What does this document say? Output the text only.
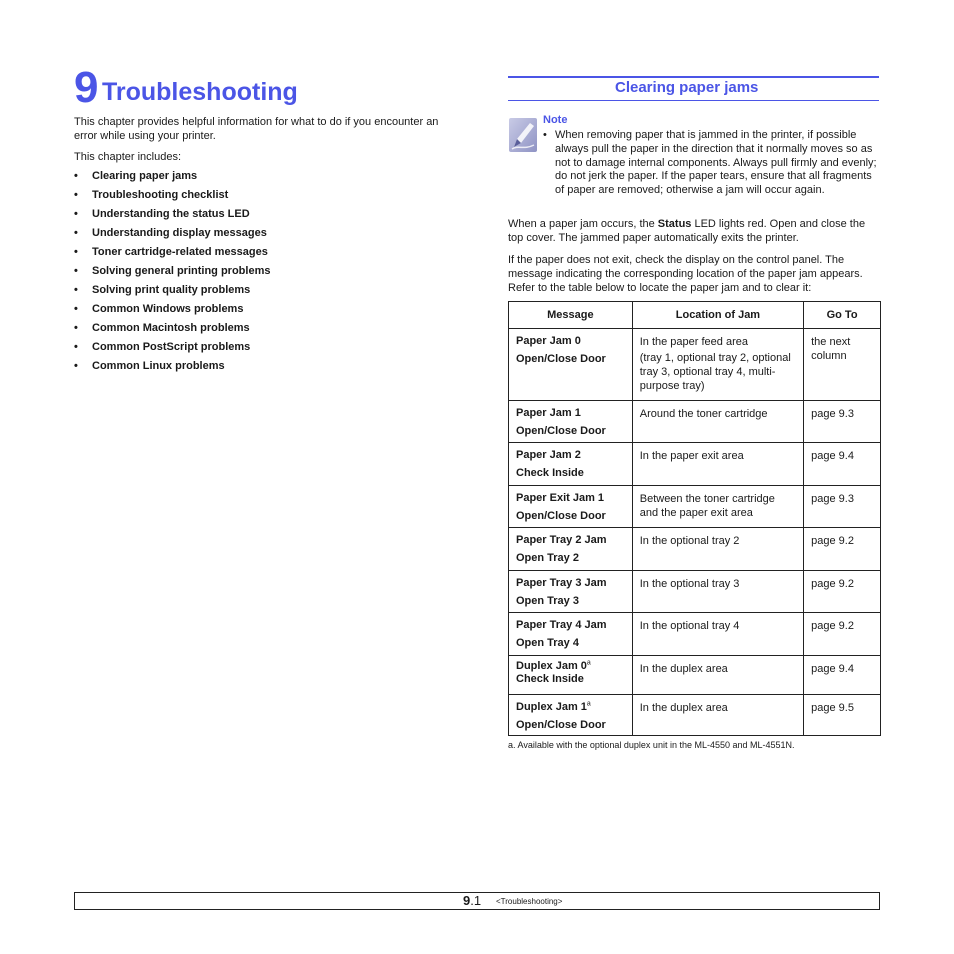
9 Troubleshooting

This chapter provides helpful information for what to do if you encounter an error while using your printer.

This chapter includes:

• Clearing paper jams
• Troubleshooting checklist
• Understanding the status LED
• Understanding display messages
• Toner cartridge-related messages
• Solving general printing problems
• Solving print quality problems
• Common Windows problems
• Common Macintosh problems
• Common PostScript problems
• Common Linux problems
Clearing paper jams
Note
• When removing paper that is jammed in the printer, if possible always pull the paper in the direction that it normally moves so as not to damage internal components. Always pull firmly and evenly; do not jerk the paper. If the paper tears, ensure that all fragments of paper are removed; otherwise a jam will occur again.

When a paper jam occurs, the Status LED lights red. Open and close the top cover. The jammed paper automatically exits the printer.

If the paper does not exit, check the display on the control panel. The message indicating the corresponding location of the paper jam appears. Refer to the table below to locate the paper jam and to clear it:

Message	Location of Jam	Go To
Paper Jam 0
Open/Close Door	In the paper feed area
(tray 1, optional tray 2, optional tray 3, optional tray 4, multi-purpose tray)	the next column
Paper Jam 1
Open/Close Door	Around the toner cartridge	page 9.3
Paper Jam 2
Check Inside	In the paper exit area	page 9.4
Paper Exit Jam 1
Open/Close Door	Between the toner cartridge and the paper exit area	page 9.3
Paper Tray 2 Jam
Open Tray 2	In the optional tray 2	page 9.2
Paper Tray 3 Jam
Open Tray 3	In the optional tray 3	page 9.2
Paper Tray 4 Jam
Open Tray 4	In the optional tray 4	page 9.2
Duplex Jam 0$^a$
Check Inside	In the duplex area	page 9.4
Duplex Jam 1$^a$
Open/Close Door	In the duplex area	page 9.5

a. Available with the optional duplex unit in the ML-4550 and ML-4551N.

9.1 <Troubleshooting>
